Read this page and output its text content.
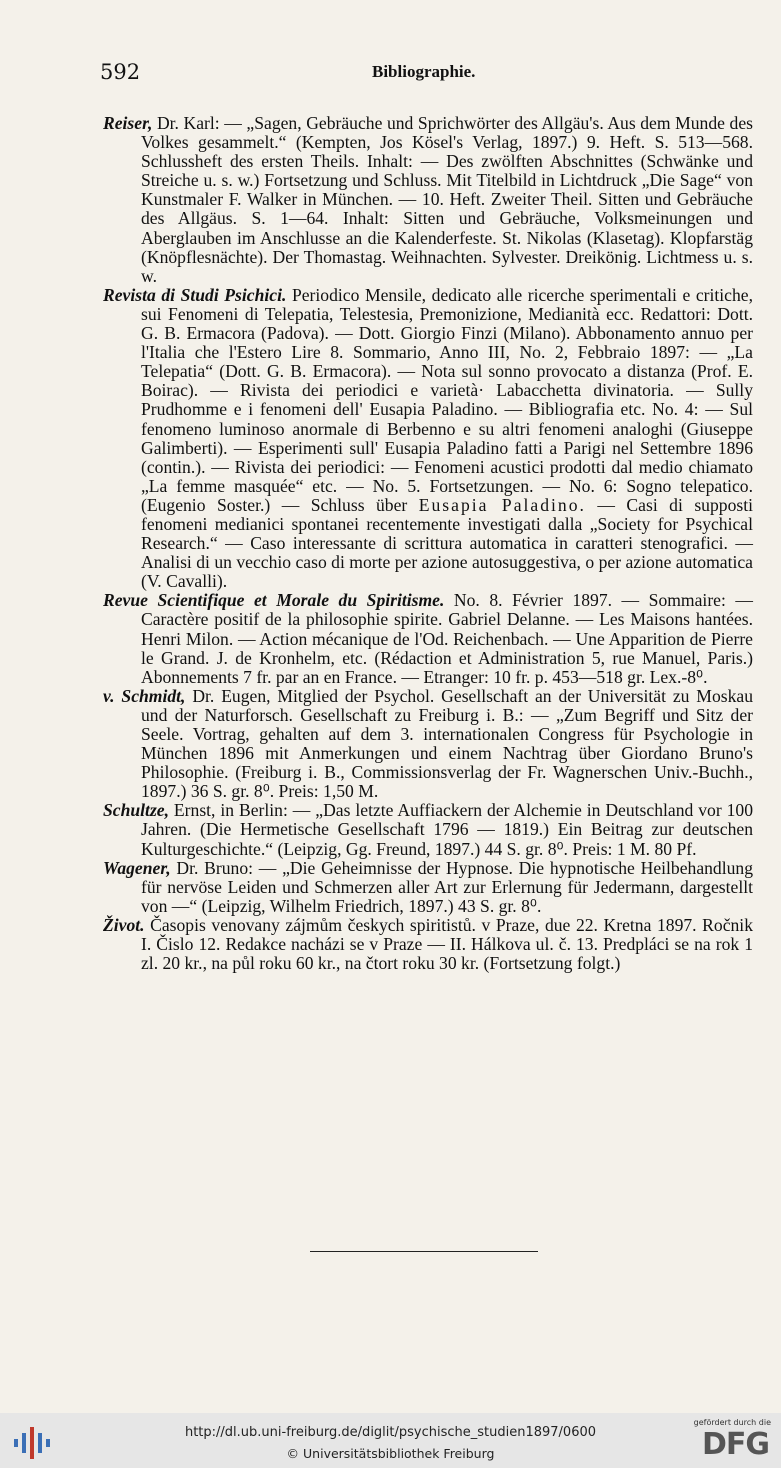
592	Bibliographie.

Reiser, Dr. Karl: — „Sagen, Gebräuche und Sprichwörter des Allgäu's. Aus dem Munde des Volkes gesammelt.“ (Kempten, Jos Kösel's Verlag, 1897.) 9. Heft. S. 513—568. Schlussheft des ersten Theils. Inhalt: — Des zwölften Abschnittes (Schwänke und Streiche u. s. w.) Fortsetzung und Schluss. Mit Titelbild in Lichtdruck „Die Sage“ von Kunstmaler F. Walker in München. — 10. Heft. Zweiter Theil. Sitten und Gebräuche des Allgäus. S. 1—64. Inhalt: Sitten und Gebräuche, Volksmeinungen und Aberglauben im Anschlusse an die Kalenderfeste. St. Nikolas (Klasetag). Klopfarstäg (Knöpflesnächte). Der Thomastag. Weihnachten. Sylvester. Dreikönig. Lichtmess u. s. w.

Revista di Studi Psichici. Periodico Mensile, dedicato alle ricerche sperimentali e critiche, sui Fenomeni di Telepatia, Telestesia, Premonizione, Medianità ecc. Redattori: Dott. G. B. Ermacora (Padova). — Dott. Giorgio Finzi (Milano). Abbonamento annuo per l'Italia che l'Estero Lire 8. Sommario, Anno III, No. 2, Febbraio 1897: — „La Telepatia“ (Dott. G. B. Ermacora). — Nota sul sonno provocato a distanza (Prof. E. Boirac). — Rivista dei periodici e varietà· Labacchetta divinatoria. — Sully Prudhomme e i fenomeni dell' Eusapia Paladino. — Bibliografia etc. No. 4: — Sul fenomeno luminoso anormale di Berbenno e su altri fenomeni analoghi (Giuseppe Galimberti). — Esperimenti sull' Eusapia Paladino fatti a Parigi nel Settembre 1896 (contin.). — Rivista dei periodici: — Fenomeni acustici prodotti dal medio chiamato „La femme masquée“ etc. — No. 5. Fortsetzungen. — No. 6: Sogno telepatico. (Eugenio Soster.) — Schluss über Eusapia Paladino. — Casi di supposti fenomeni medianici spontanei recentemente investigati dalla „Society for Psychical Research.“ — Caso interessante di scrittura automatica in caratteri stenografici. — Analisi di un vecchio caso di morte per azione autosuggestiva, o per azione automatica (V. Cavalli).

Revue Scientifique et Morale du Spiritisme. No. 8. Février 1897. — Sommaire: — Caractère positif de la philosophie spirite. Gabriel Delanne. — Les Maisons hantées. Henri Milon. — Action mécanique de l'Od. Reichenbach. — Une Apparition de Pierre le Grand. J. de Kronhelm, etc. (Rédaction et Administration 5, rue Manuel, Paris.) Abonnements 7 fr. par an en France. — Etranger: 10 fr. p. 453—518 gr. Lex.-8⁰.

v. Schmidt, Dr. Eugen, Mitglied der Psychol. Gesellschaft an der Universität zu Moskau und der Naturforsch. Gesellschaft zu Freiburg i. B.: — „Zum Begriff und Sitz der Seele. Vortrag, gehalten auf dem 3. internationalen Congress für Psychologie in München 1896 mit Anmerkungen und einem Nachtrag über Giordano Bruno's Philosophie. (Freiburg i. B., Commissionsverlag der Fr. Wagnerschen Univ.-Buchh., 1897.) 36 S. gr. 8⁰. Preis: 1,50 M.

Schultze, Ernst, in Berlin: — „Das letzte Auffiackern der Alchemie in Deutschland vor 100 Jahren. (Die Hermetische Gesellschaft 1796 — 1819.) Ein Beitrag zur deutschen Kulturgeschichte.“ (Leipzig, Gg. Freund, 1897.) 44 S. gr. 8⁰. Preis: 1 M. 80 Pf.

Wagener, Dr. Bruno: — „Die Geheimnisse der Hypnose. Die hypnotische Heilbehandlung für nervöse Leiden und Schmerzen aller Art zur Erlernung für Jedermann, dargestellt von —“ (Leipzig, Wilhelm Friedrich, 1897.) 43 S. gr. 8⁰.

Život. Časopis venovany zájmům českych spiritistů. v Praze, due 22. Kretna 1897. Ročnik I. Čislo 12. Redakce nacházi se v Praze — II. Hálkova ul. č. 13. Predpláci se na rok 1 zl. 20 kr., na půl roku 60 kr., na čtort roku 30 kr. (Fortsetzung folgt.)

http://dl.ub.uni-freiburg.de/diglit/psychische_studien1897/0600
© Universitätsbibliothek Freiburg
gefördert durch die
DFG
